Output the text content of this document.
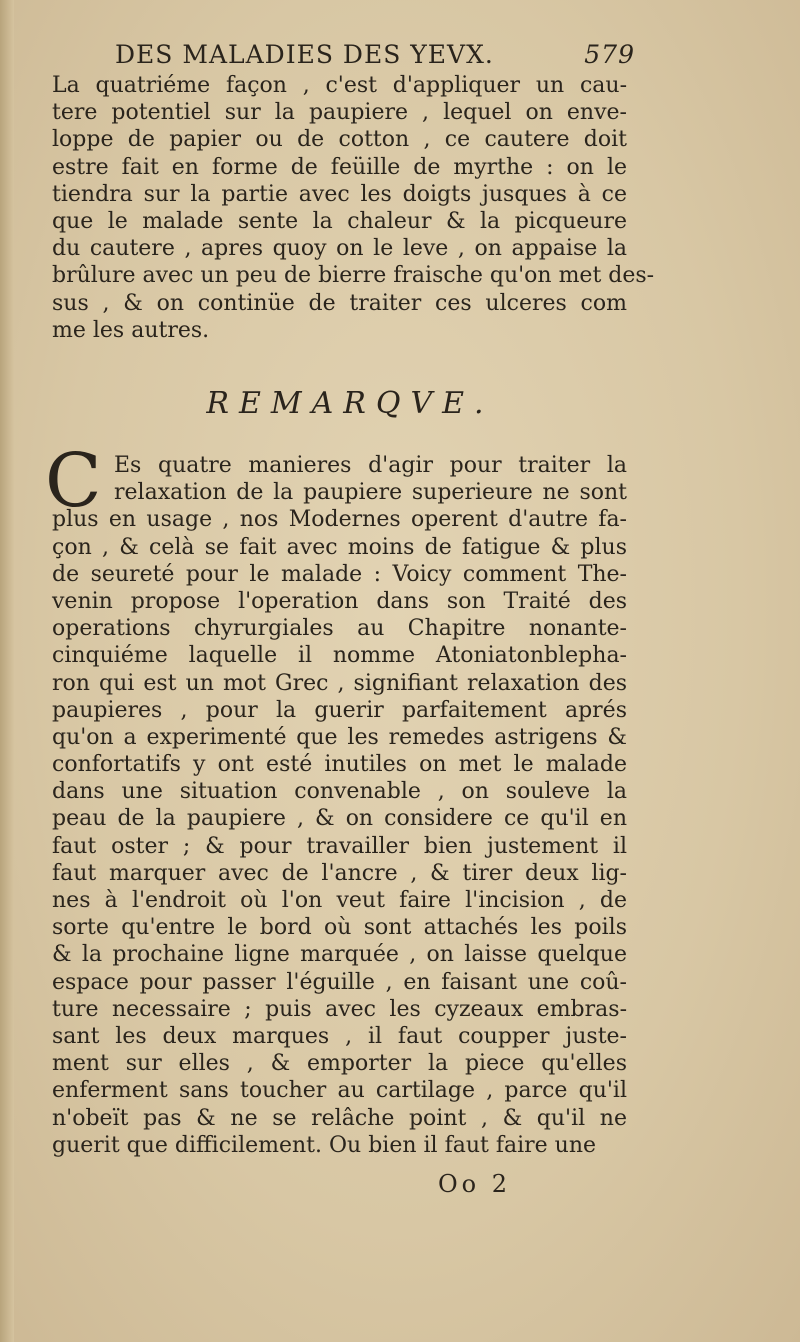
DES MALADIES DES YEVX.	579
La quatriéme façon , c'est d'appliquer un cau-
tere potentiel sur la paupiere , lequel on enve-
loppe de papier ou de cotton , ce cautere doit
estre fait en forme de feüille de myrthe : on le
tiendra sur la partie avec les doigts jusques à ce
que le malade sente la chaleur & la picqueure
du cautere , apres quoy on le leve , on appaise la
brûlure avec un peu de bierre fraische qu'on met des-
sus , & on continüe de traiter ces ulceres com
me les autres.
REMARQVE.
C Es quatre manieres d'agir pour traiter la
relaxation de la paupiere superieure ne sont
plus en usage , nos Modernes operent d'autre fa-
çon , & celà se fait avec moins de fatigue & plus
de seureté pour le malade : Voicy comment The-
venin propose l'operation dans son Traité des
operations chyrurgiales au Chapitre nonante-
cinquiéme laquelle il nomme Atoniatonblepha-
ron qui est un mot Grec , signifiant relaxation des
paupieres , pour la guerir parfaitement aprés
qu'on a experimenté que les remedes astrigens &
confortatifs y ont esté inutiles on met le malade
dans une situation convenable , on souleve la
peau de la paupiere , & on considere ce qu'il en
faut oster ; & pour travailler bien justement il
faut marquer avec de l'ancre , & tirer deux lig-
nes à l'endroit où l'on veut faire l'incision , de
sorte qu'entre le bord où sont attachés les poils
& la prochaine ligne marquée , on laisse quelque
espace pour passer l'éguille , en faisant une coû-
ture necessaire ; puis avec les cyzeaux embras-
sant les deux marques , il faut coupper juste-
ment sur elles , & emporter la piece qu'elles
enferment sans toucher au cartilage , parce qu'il
n'obeït pas & ne se relâche point , & qu'il ne
guerit que difficilement. Ou bien il faut faire une
Oo 2
